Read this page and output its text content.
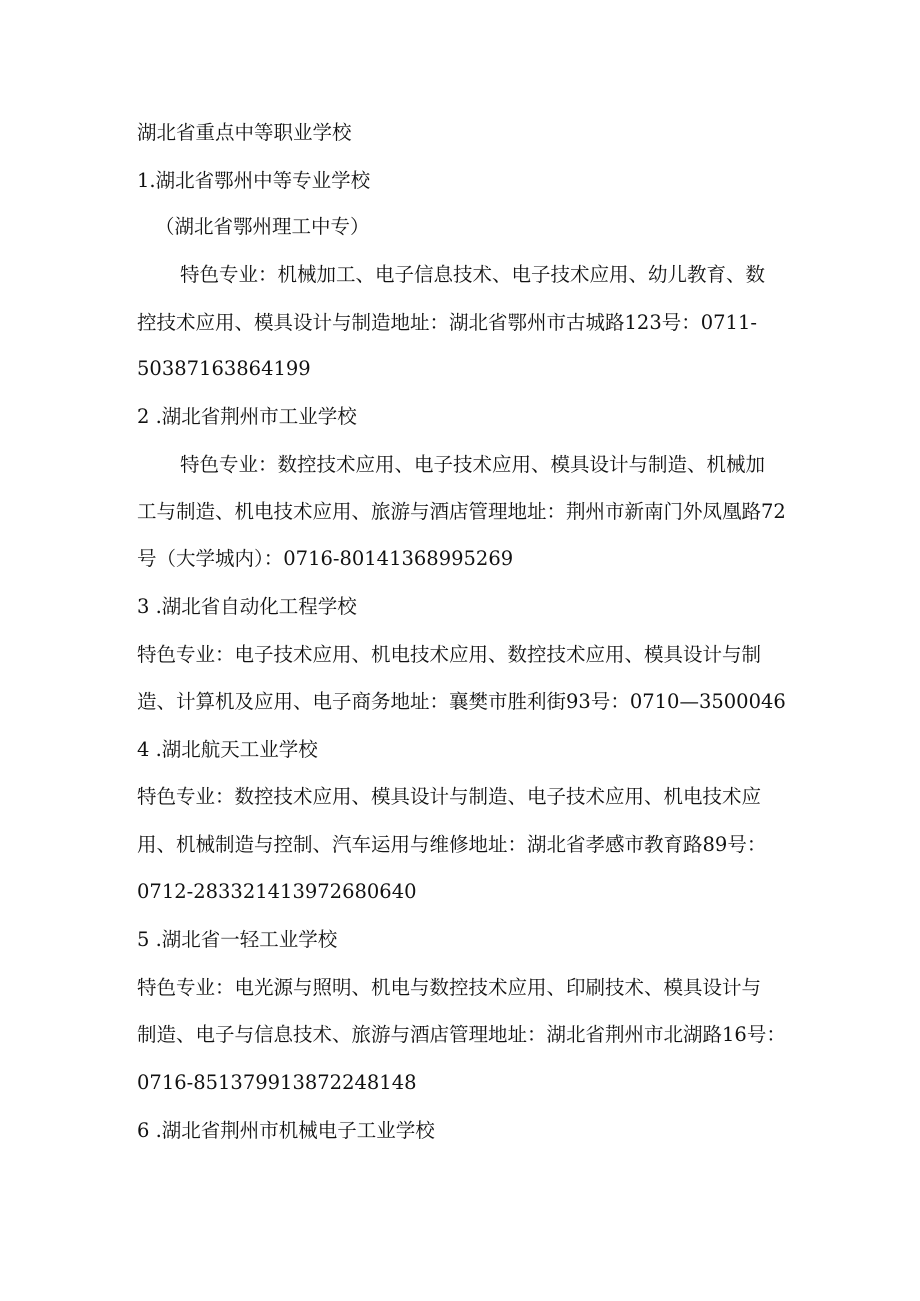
湖北省重点中等职业学校
1.湖北省鄂州中等专业学校
（湖北省鄂州理工中专）
特色专业：机械加工、电子信息技术、电子技术应用、幼儿教育、数
控技术应用、模具设计与制造地址：湖北省鄂州市古城路123号：0711-
50387163864199
2 .湖北省荆州市工业学校
特色专业：数控技术应用、电子技术应用、模具设计与制造、机械加
工与制造、机电技术应用、旅游与酒店管理地址：荆州市新南门外凤凰路72
号（大学城内）：0716-80141368995269
3 .湖北省自动化工程学校
特色专业：电子技术应用、机电技术应用、数控技术应用、模具设计与制
造、计算机及应用、电子商务地址：襄樊市胜利街93号：0710—3500046
4 .湖北航天工业学校
特色专业：数控技术应用、模具设计与制造、电子技术应用、机电技术应
用、机械制造与控制、汽车运用与维修地址：湖北省孝感市教育路89号：
0712-283321413972680640
5 .湖北省一轻工业学校
特色专业：电光源与照明、机电与数控技术应用、印刷技术、模具设计与
制造、电子与信息技术、旅游与酒店管理地址：湖北省荆州市北湖路16号：
0716-851379913872248148
6 .湖北省荆州市机械电子工业学校
